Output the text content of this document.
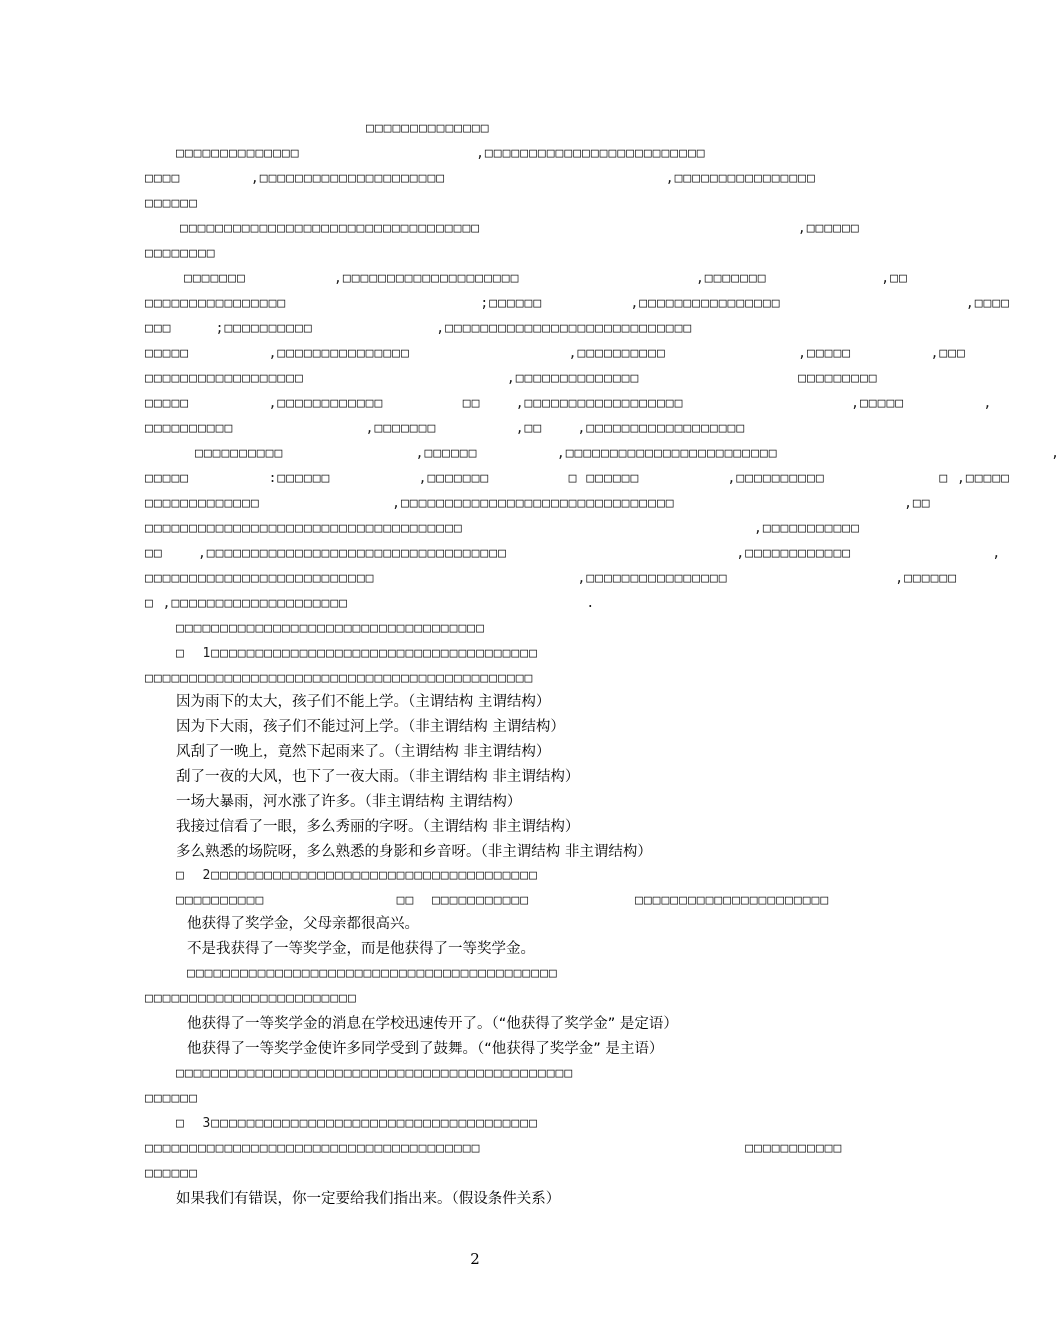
□□□□□□□□□□□□□□
□□□□□□□□□□□□□□                    ,□□□□□□□□□□□□□□□□□□□□□□□□□
□□□□        ,□□□□□□□□□□□□□□□□□□□□□                         ,□□□□□□□□□□□□□□□□
□□□□□□
□□□□□□□□□□□□□□□□□□□□□□□□□□□□□□□□□□                                    ,□□□□□□
□□□□□□□□
□□□□□□□          ,□□□□□□□□□□□□□□□□□□□□                    ,□□□□□□□             ,□□
□□□□□□□□□□□□□□□□                      ;□□□□□□          ,□□□□□□□□□□□□□□□□                     ,□□□□
□□□     ;□□□□□□□□□□              ,□□□□□□□□□□□□□□□□□□□□□□□□□□□□
□□□□□         ,□□□□□□□□□□□□□□□                  ,□□□□□□□□□□               ,□□□□□         ,□□□
□□□□□□□□□□□□□□□□□□                       ,□□□□□□□□□□□□□□                  □□□□□□□□□
□□□□□         ,□□□□□□□□□□□□         □□    ,□□□□□□□□□□□□□□□□□□                   ,□□□□□         ,
□□□□□□□□□□               ,□□□□□□□         ,□□    ,□□□□□□□□□□□□□□□□□□
□□□□□□□□□□               ,□□□□□□         ,□□□□□□□□□□□□□□□□□□□□□□□□                               ,
□□□□□         :□□□□□□          ,□□□□□□□         □ □□□□□□          ,□□□□□□□□□□             □ ,□□□□□
□□□□□□□□□□□□□               ,□□□□□□□□□□□□□□□□□□□□□□□□□□□□□□□                          ,□□
□□□□□□□□□□□□□□□□□□□□□□□□□□□□□□□□□□□□                                 ,□□□□□□□□□□□
□□    ,□□□□□□□□□□□□□□□□□□□□□□□□□□□□□□□□□□                          ,□□□□□□□□□□□□                ,
□□□□□□□□□□□□□□□□□□□□□□□□□□                       ,□□□□□□□□□□□□□□□□                   ,□□□□□□
□ ,□□□□□□□□□□□□□□□□□□□□                           .
□□□□□□□□□□□□□□□□□□□□□□□□□□□□□□□□□□□
□  1□□□□□□□□□□□□□□□□□□□□□□□□□□□□□□□□□□□□□
□□□□□□□□□□□□□□□□□□□□□□□□□□□□□□□□□□□□□□□□□□□□
因为雨下的太大，孩子们不能上学。（主谓结构 主谓结构）
因为下大雨，孩子们不能过河上学。（非主谓结构 主谓结构）
风刮了一晚上，竟然下起雨来了。（主谓结构 非主谓结构）
刮了一夜的大风，也下了一夜大雨。（非主谓结构 非主谓结构）
一场大暴雨，河水涨了许多。（非主谓结构 主谓结构）
我接过信看了一眼，多么秀丽的字呀。（主谓结构 非主谓结构）
多么熟悉的场院呀，多么熟悉的身影和乡音呀。（非主谓结构 非主谓结构）
□  2□□□□□□□□□□□□□□□□□□□□□□□□□□□□□□□□□□□□□
□□□□□□□□□□               □□  □□□□□□□□□□□            □□□□□□□□□□□□□□□□□□□□□□
他获得了奖学金，父母亲都很高兴。
不是我获得了一等奖学金，而是他获得了一等奖学金。
□□□□□□□□□□□□□□□□□□□□□□□□□□□□□□□□□□□□□□□□□□
□□□□□□□□□□□□□□□□□□□□□□□□
他获得了一等奖学金的消息在学校迅速传开了。（“他获得了奖学金” 是定语）
他获得了一等奖学金使许多同学受到了鼓舞。（“他获得了奖学金” 是主语）
□□□□□□□□□□□□□□□□□□□□□□□□□□□□□□□□□□□□□□□□□□□□□
□□□□□□
□  3□□□□□□□□□□□□□□□□□□□□□□□□□□□□□□□□□□□□□
□□□□□□□□□□□□□□□□□□□□□□□□□□□□□□□□□□□□□□                              □□□□□□□□□□□
□□□□□□
如果我们有错误，你一定要给我们指出来。（假设条件关系）
2
